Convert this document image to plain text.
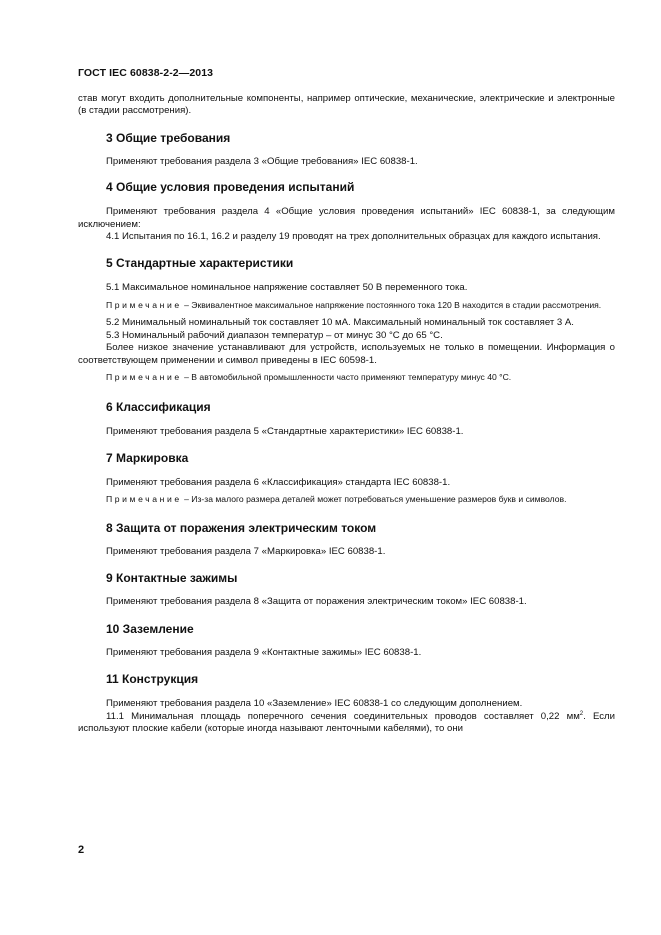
ГОСТ IEC 60838-2-2—2013

став могут входить дополнительные компоненты, например оптические, механические, электрические и электронные (в стадии рассмотрения).

3 Общие требования

Применяют требования раздела 3 «Общие требования» IEC 60838-1.

4 Общие условия проведения испытаний

Применяют требования раздела 4 «Общие условия проведения испытаний» IEC 60838-1, за следующим исключением:

4.1 Испытания по 16.1, 16.2 и разделу 19 проводят на трех дополнительных образцах для каждого испытания.

5 Стандартные характеристики

5.1 Максимальное номинальное напряжение составляет 50 В переменного тока.

Примечание – Эквивалентное максимальное напряжение постоянного тока 120 В находится в стадии рассмотрения.

5.2 Минимальный номинальный ток составляет 10 мА. Максимальный номинальный ток составляет 3 А.

5.3 Номинальный рабочий диапазон температур – от минус 30 °С до 65 °С.

Более низкое значение устанавливают для устройств, используемых не только в помещении. Информация о соответствующем применении и символ приведены в IEC 60598-1.

Примечание – В автомобильной промышленности часто применяют температуру минус 40 °С.

6 Классификация

Применяют требования раздела 5 «Стандартные характеристики» IEC 60838-1.

7 Маркировка

Применяют требования раздела 6 «Классификация» стандарта IEC 60838-1.

Примечание – Из-за малого размера деталей может потребоваться уменьшение размеров букв и символов.

8 Защита от поражения электрическим током

Применяют требования раздела 7 «Маркировка» IEC 60838-1.

9 Контактные зажимы

Применяют требования раздела 8 «Защита от поражения электрическим током» IEC 60838-1.

10 Заземление

Применяют требования раздела 9 «Контактные зажимы» IEC 60838-1.

11 Конструкция

Применяют требования раздела 10 «Заземление» IEC 60838-1 со следующим дополнением.

11.1 Минимальная площадь поперечного сечения соединительных проводов составляет 0,22 $мм^2$. Если используют плоские кабели (которые иногда называют ленточными кабелями), то они

2
